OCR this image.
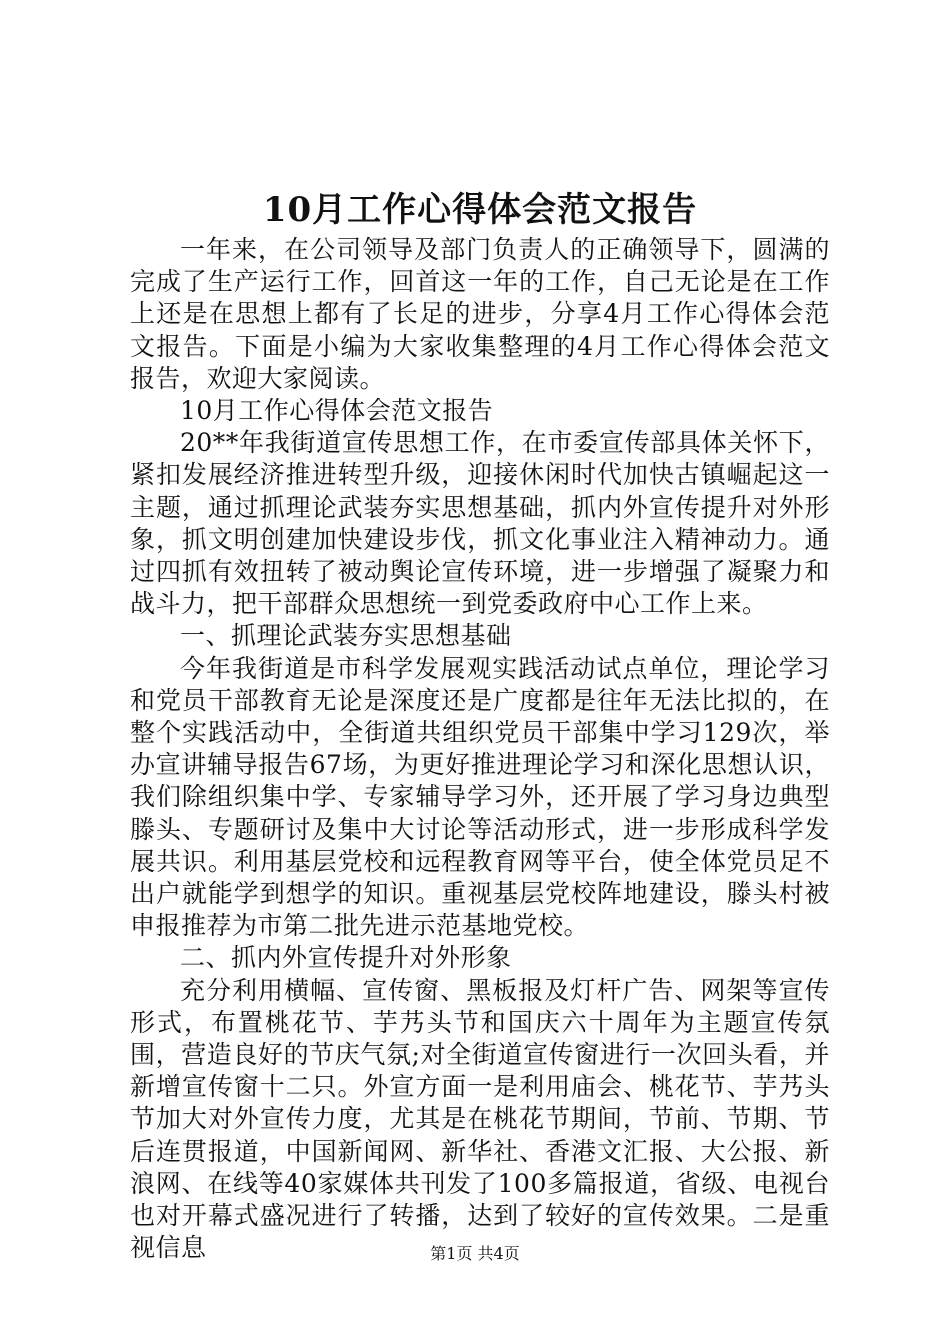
10月工作心得体会范文报告

一年来，在公司领导及部门负责人的正确领导下，圆满的完成了生产运行工作，回首这一年的工作，自己无论是在工作上还是在思想上都有了长足的进步，分享4月工作心得体会范文报告。下面是小编为大家收集整理的4月工作心得体会范文报告，欢迎大家阅读。

10月工作心得体会范文报告

20**年我街道宣传思想工作，在市委宣传部具体关怀下，紧扣发展经济推进转型升级，迎接休闲时代加快古镇崛起这一主题，通过抓理论武装夯实思想基础，抓内外宣传提升对外形象，抓文明创建加快建设步伐，抓文化事业注入精神动力。通过四抓有效扭转了被动舆论宣传环境，进一步增强了凝聚力和战斗力，把干部群众思想统一到党委政府中心工作上来。

一、抓理论武装夯实思想基础

今年我街道是市科学发展观实践活动试点单位，理论学习和党员干部教育无论是深度还是广度都是往年无法比拟的，在整个实践活动中，全街道共组织党员干部集中学习129次，举办宣讲辅导报告67场，为更好推进理论学习和深化思想认识，我们除组织集中学、专家辅导学习外，还开展了学习身边典型滕头、专题研讨及集中大讨论等活动形式，进一步形成科学发展共识。利用基层党校和远程教育网等平台，使全体党员足不出户就能学到想学的知识。重视基层党校阵地建设，滕头村被申报推荐为市第二批先进示范基地党校。

二、抓内外宣传提升对外形象

充分利用横幅、宣传窗、黑板报及灯杆广告、网架等宣传形式，布置桃花节、芋艿头节和国庆六十周年为主题宣传氛围，营造良好的节庆气氛;对全街道宣传窗进行一次回头看，并新增宣传窗十二只。外宣方面一是利用庙会、桃花节、芋艿头节加大对外宣传力度，尤其是在桃花节期间，节前、节期、节后连贯报道，中国新闻网、新华社、香港文汇报、大公报、新浪网、在线等40家媒体共刊发了100多篇报道，省级、电视台也对开幕式盛况进行了转播，达到了较好的宣传效果。二是重视信息	第1页 共4页
